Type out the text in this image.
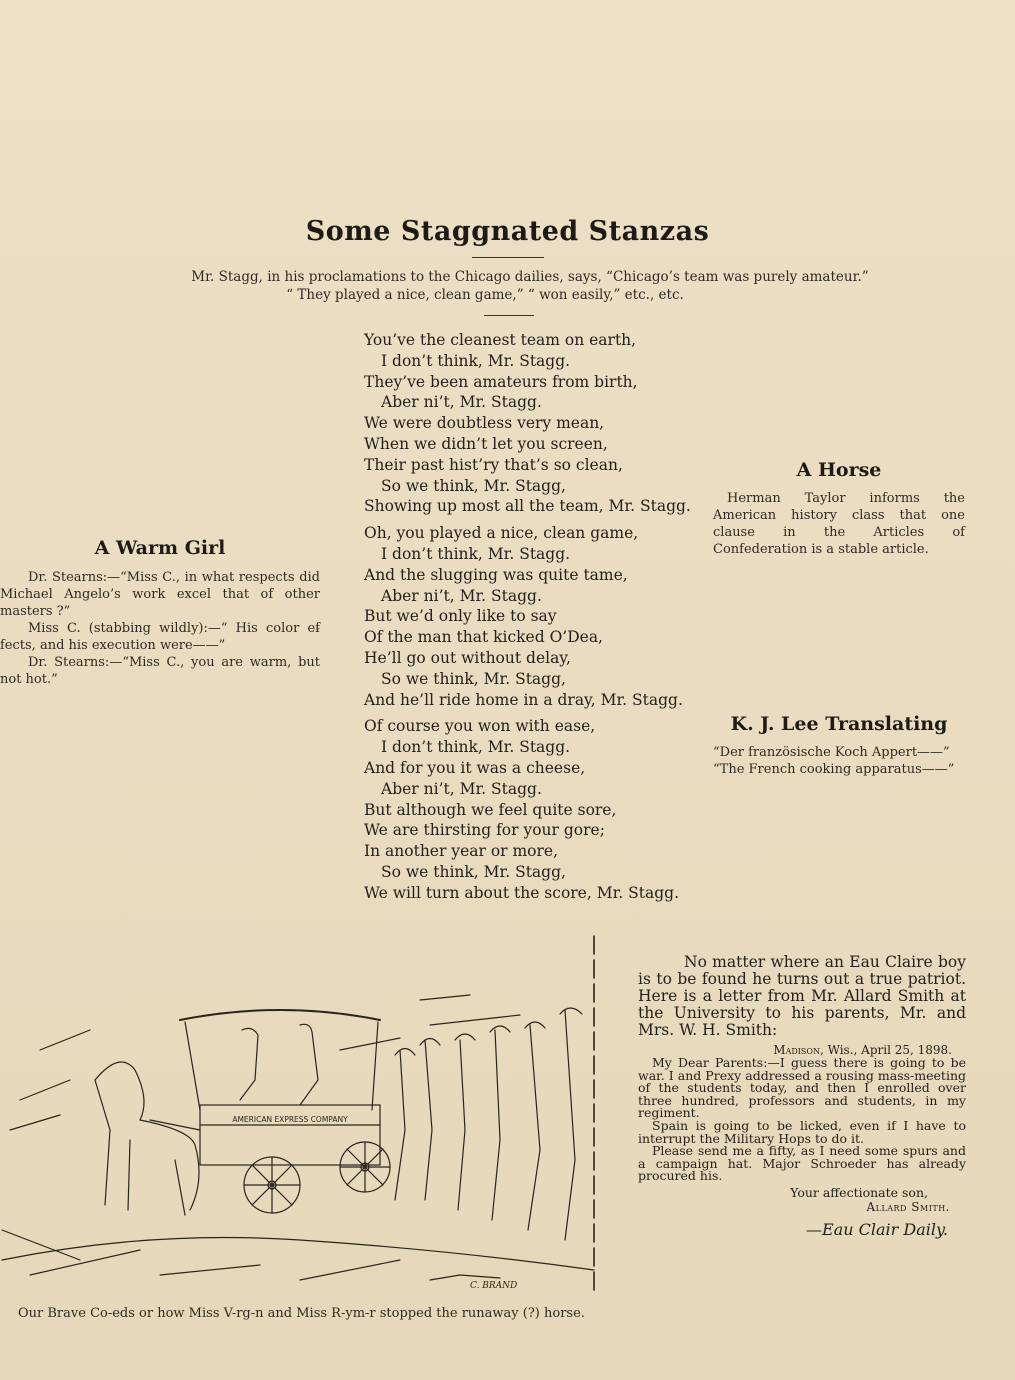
Some Staggnated Stanzas
Mr. Stagg, in his proclamations to the Chicago dailies, says, “Chicago’s team was purely amateur.”
“ They played a nice, clean game,” “ won easily,” etc., etc.
You’ve the cleanest team on earth,
I don’t think, Mr. Stagg.
They’ve been amateurs from birth,
Aber ni’t, Mr. Stagg.
We were doubtless very mean,
When we didn’t let you screen,
Their past hist’ry that’s so clean,
So we think, Mr. Stagg,
Showing up most all the team, Mr. Stagg.
Oh, you played a nice, clean game,
I don’t think, Mr. Stagg.
And the slugging was quite tame,
Aber ni’t, Mr. Stagg.
But we’d only like to say
Of the man that kicked O’Dea,
He’ll go out without delay,
So we think, Mr. Stagg,
And he’ll ride home in a dray, Mr. Stagg.
Of course you won with ease,
I don’t think, Mr. Stagg.
And for you it was a cheese,
Aber ni’t, Mr. Stagg.
But although we feel quite sore,
We are thirsting for your gore;
In another year or more,
So we think, Mr. Stagg,
We will turn about the score, Mr. Stagg.
A Warm Girl

Dr. Stearns:—“Miss C., in what respects did Michael Angelo’s work excel that of other masters ?”

Miss C. (stabbing wildly):—“ His color ef̵ fects, and his execution were——”

Dr. Stearns:—“Miss C., you are warm, but not hot.”

A Horse

Herman Taylor informs the American history class that one clause in the Articles of Confederation is a stable article.

K. J. Lee Translating

“Der französische Koch Appert——”

“The French cooking apparatus——”

No matter where an Eau Claire boy is to be found he turns out a true patriot. Here is a letter from Mr. Allard Smith at the University to his parents, Mr. and Mrs. W. H. Smith:

Madison, Wis., April 25, 1898.

My Dear Parents:—I guess there is going to be war. I and Prexy addressed a rousing mass-meeting of the students today, and then I enrolled over three hundred, professors and students, in my regiment.

Spain is going to be licked, even if I have to interrupt the Military Hops to do it.

Please send me a fifty, as I need some spurs and a campaign hat. Major Schroeder has already procured his.

Your affectionate son,
Allard Smith.
—Eau Clair Daily.
AMERICAN EXPRESS COMPANY
C. BRAND
Our Brave Co-eds or how Miss V-rg-n and Miss R-ym-r stopped the runaway (?) horse.
